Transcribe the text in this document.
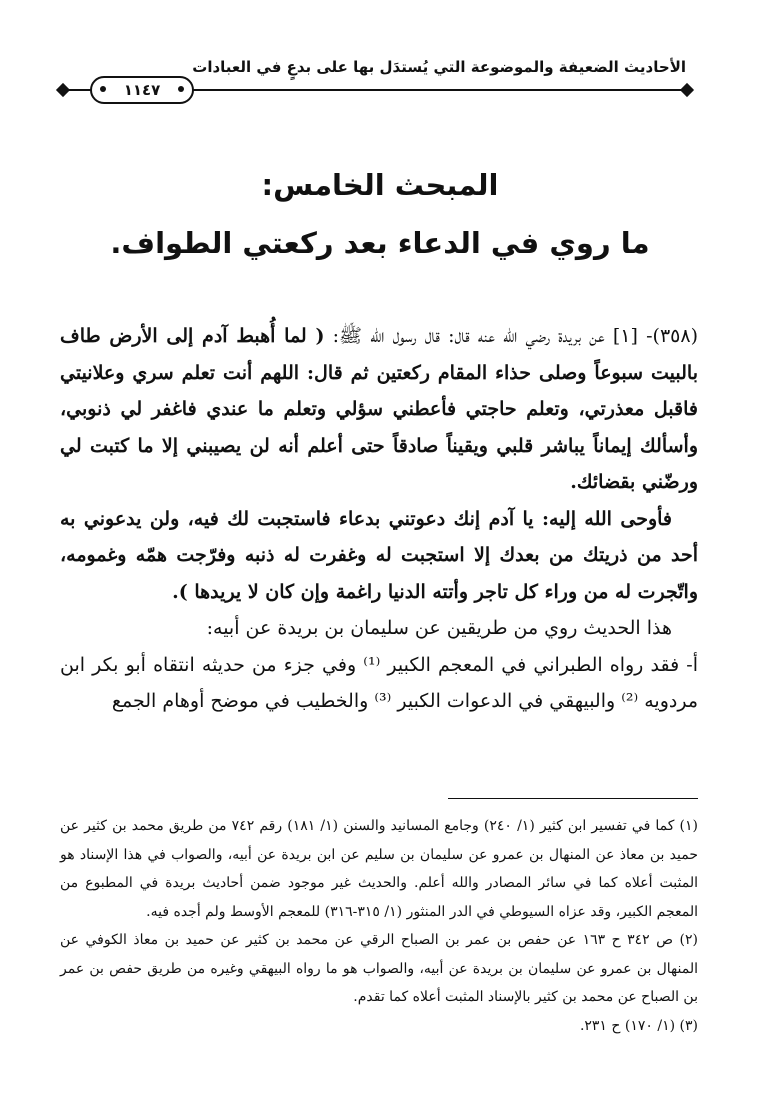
الأحاديث الضعيفة والموضوعة التي يُستدَل بها على بدعٍ في العبادات
١١٤٧
المبحث الخامس:
ما روي في الدعاء بعد ركعتي الطواف.

(٣٥٨)- [١] عن بريدة رضي الله عنه قال: قال رسول الله ﷺ: ( لما أُهبط آدم إلى الأرض طاف بالبيت سبوعاً وصلى حذاء المقام ركعتين ثم قال: اللهم أنت تعلم سري وعلانيتي فاقبل معذرتي، وتعلم حاجتي فأعطني سؤلي وتعلم ما عندي فاغفر لي ذنوبي، وأسألك إيماناً يباشر قلبي ويقيناً صادقاً حتى أعلم أنه لن يصيبني إلا ما كتبت لي ورضّني بقضائك.

فأوحى الله إليه: يا آدم إنك دعوتني بدعاء فاستجبت لك فيه، ولن يدعوني به أحد من ذريتك من بعدك إلا استجبت له وغفرت له ذنبه وفرّجت همّه وغمومه، واتّجرت له من وراء كل تاجر وأتته الدنيا راغمة وإن كان لا يريدها ).

هذا الحديث روي من طريقين عن سليمان بن بريدة عن أبيه:

أ- فقد رواه الطبراني في المعجم الكبير ⁽¹⁾ وفي جزء من حديثه انتقاه أبو بكر ابن مردويه ⁽²⁾ والبيهقي في الدعوات الكبير ⁽³⁾ والخطيب في موضح أوهام الجمع

(١) كما في تفسير ابن كثير (١/ ٢٤٠) وجامع المسانيد والسنن (١/ ١٨١) رقم ٧٤٢ من طريق محمد بن كثير عن حميد بن معاذ عن المنهال بن عمرو عن سليمان بن سليم عن ابن بريدة عن أبيه، والصواب في هذا الإسناد هو المثبت أعلاه كما في سائر المصادر والله أعلم. والحديث غير موجود ضمن أحاديث بريدة في المطبوع من المعجم الكبير، وقد عزاه السيوطي في الدر المنثور (١/ ٣١٥-٣١٦) للمعجم الأوسط ولم أجده فيه.

(٢) ص ٣٤٢ ح ١٦٣ عن حفص بن عمر بن الصباح الرقي عن محمد بن كثير عن حميد بن معاذ الكوفي عن المنهال بن عمرو عن سليمان بن بريدة عن أبيه، والصواب هو ما رواه البيهقي وغيره من طريق حفص بن عمر بن الصباح عن محمد بن كثير بالإسناد المثبت أعلاه كما تقدم.

(٣) (١/ ١٧٠) ح ٢٣١.
